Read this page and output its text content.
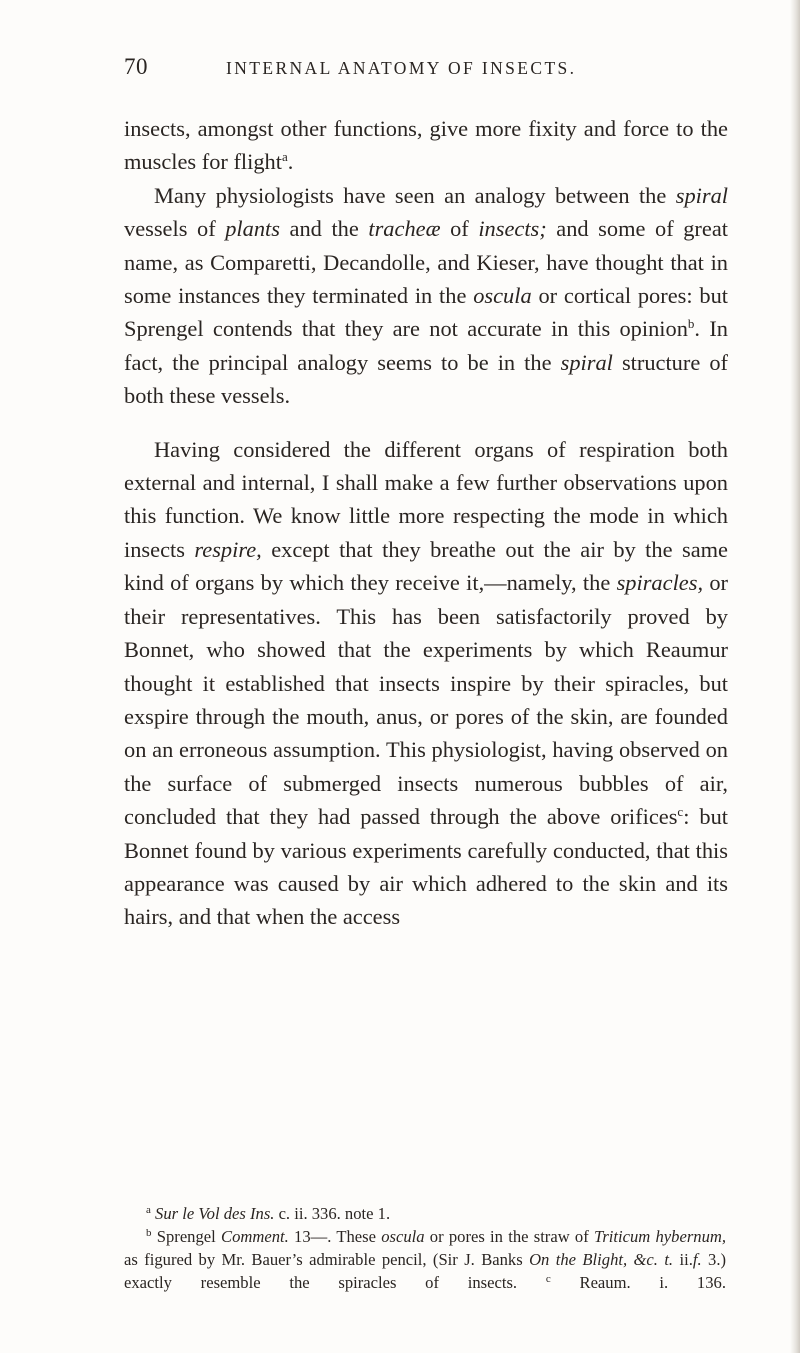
70	INTERNAL ANATOMY OF INSECTS.

insects, amongst other functions, give more fixity and force to the muscles for flight$^a$.

Many physiologists have seen an analogy between the spiral vessels of plants and the tracheæ of insects; and some of great name, as Comparetti, Decandolle, and Kieser, have thought that in some instances they terminated in the oscula or cortical pores: but Sprengel contends that they are not accurate in this opinion$^b$. In fact, the principal analogy seems to be in the spiral structure of both these vessels.

Having considered the different organs of respiration both external and internal, I shall make a few further observations upon this function. We know little more respecting the mode in which insects respire, except that they breathe out the air by the same kind of organs by which they receive it,—namely, the spiracles, or their representatives. This has been satisfactorily proved by Bonnet, who showed that the experiments by which Reaumur thought it established that insects inspire by their spiracles, but exspire through the mouth, anus, or pores of the skin, are founded on an erroneous assumption. This physiologist, having observed on the surface of submerged insects numerous bubbles of air, concluded that they had passed through the above orifices$^c$: but Bonnet found by various experiments carefully conducted, that this appearance was caused by air which adhered to the skin and its hairs, and that when the access

$^a$ Sur le Vol des Ins. c. ii. 336. note 1.

$^b$ Sprengel Comment. 13—. These oscula or pores in the straw of Triticum hybernum, as figured by Mr. Bauer’s admirable pencil, (Sir J. Banks On the Blight, &c. t. ii.f. 3.) exactly resemble the spiracles of insects.	$^c$ Reaum. i. 136.
